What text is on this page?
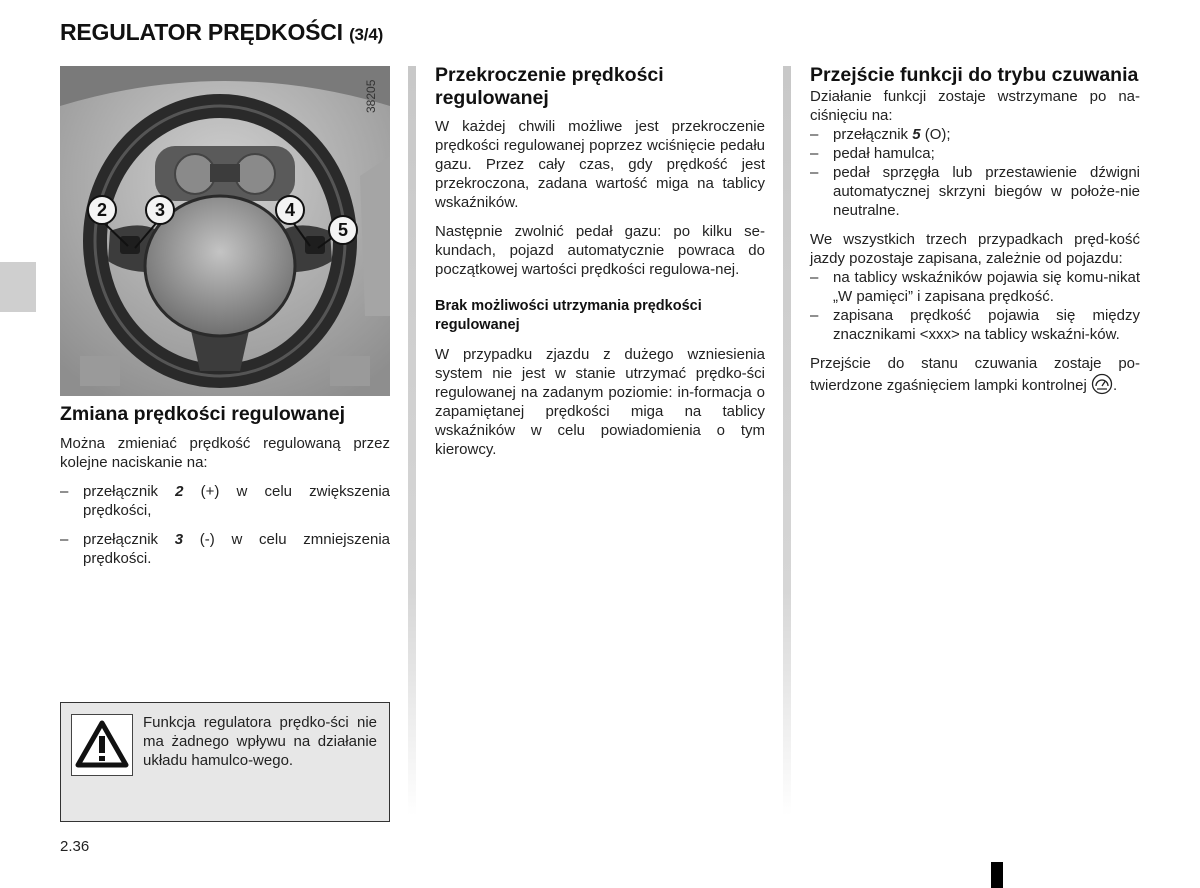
REGULATOR PRĘDKOŚCI (3/4)
38205
2	3	4
5
Zmiana prędkości regulowanej

Można zmieniać prędkość regulowaną przez kolejne naciskanie na:

– przełącznik 2 (+) w celu zwiększenia prędkości,
– przełącznik 3 (-) w celu zmniejszenia prędkości.
Funkcja regulatora prędko-ści nie ma żadnego wpływu na działanie układu hamulco-wego.
Przekroczenie prędkości regulowanej

W każdej chwili możliwe jest przekroczenie prędkości regulowanej poprzez wciśnięcie pedału gazu. Przez cały czas, gdy prędkość jest przekroczona, zadana wartość miga na tablicy wskaźników.

Następnie zwolnić pedał gazu: po kilku se-kundach, pojazd automatycznie powraca do początkowej wartości prędkości regulowa-nej.

Brak możliwości utrzymania prędkości regulowanej

W przypadku zjazdu z dużego wzniesienia system nie jest w stanie utrzymać prędko-ści regulowanej na zadanym poziomie: in-formacja o zapamiętanej prędkości miga na tablicy wskaźników w celu powiadomienia o tym kierowcy.

Przejście funkcji do trybu czuwania

Działanie funkcji zostaje wstrzymane po na-ciśnięciu na:

– przełącznik 5 (O);
– pedał hamulca;
– pedał sprzęgła lub przestawienie dźwigni automatycznej skrzyni biegów w położe-nie neutralne.

We wszystkich trzech przypadkach pręd-kość jazdy pozostaje zapisana, zależnie od pojazdu:

– na tablicy wskaźników pojawia się komu-nikat „W pamięci” i zapisana prędkość.
– zapisana prędkość pojawia się między znacznikami <xxx> na tablicy wskaźni-ków.

Przejście do stanu czuwania zostaje po-twierdzone zgaśnięciem lampki kontrolnej .

2.36
